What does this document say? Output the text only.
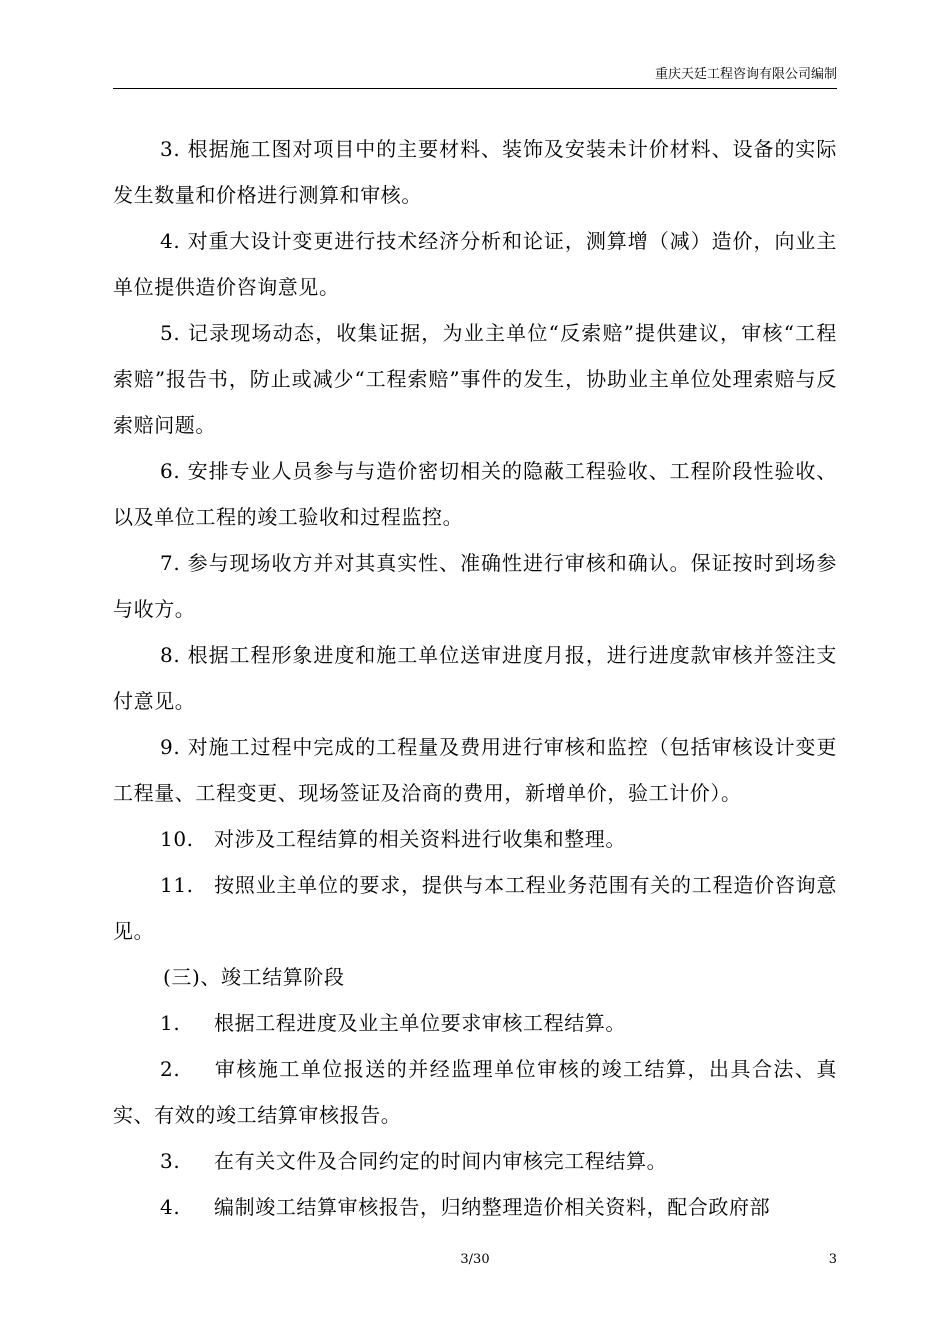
重庆天廷工程咨询有限公司编制

3. 根据施工图对项目中的主要材料、装饰及安装未计价材料、设备的实际发生数量和价格进行测算和审核。

4. 对重大设计变更进行技术经济分析和论证，测算增（减）造价，向业主单位提供造价咨询意见。

5. 记录现场动态，收集证据，为业主单位“反索赔”提供建议，审核“工程索赔”报告书，防止或减少“工程索赔”事件的发生，协助业主单位处理索赔与反索赔问题。

6. 安排专业人员参与与造价密切相关的隐蔽工程验收、工程阶段性验收、以及单位工程的竣工验收和过程监控。

7. 参与现场收方并对其真实性、准确性进行审核和确认。保证按时到场参与收方。

8. 根据工程形象进度和施工单位送审进度月报，进行进度款审核并签注支付意见。

9. 对施工过程中完成的工程量及费用进行审核和监控（包括审核设计变更工程量、工程变更、现场签证及洽商的费用，新增单价，验工计价）。

10. 对涉及工程结算的相关资料进行收集和整理。

11. 按照业主单位的要求，提供与本工程业务范围有关的工程造价咨询意见。

(三)、竣工结算阶段

1. 根据工程进度及业主单位要求审核工程结算。

2. 审核施工单位报送的并经监理单位审核的竣工结算，出具合法、真实、有效的竣工结算审核报告。

3. 在有关文件及合同约定的时间内审核完工程结算。

4. 编制竣工结算审核报告，归纳整理造价相关资料，配合政府部

3/30	3
